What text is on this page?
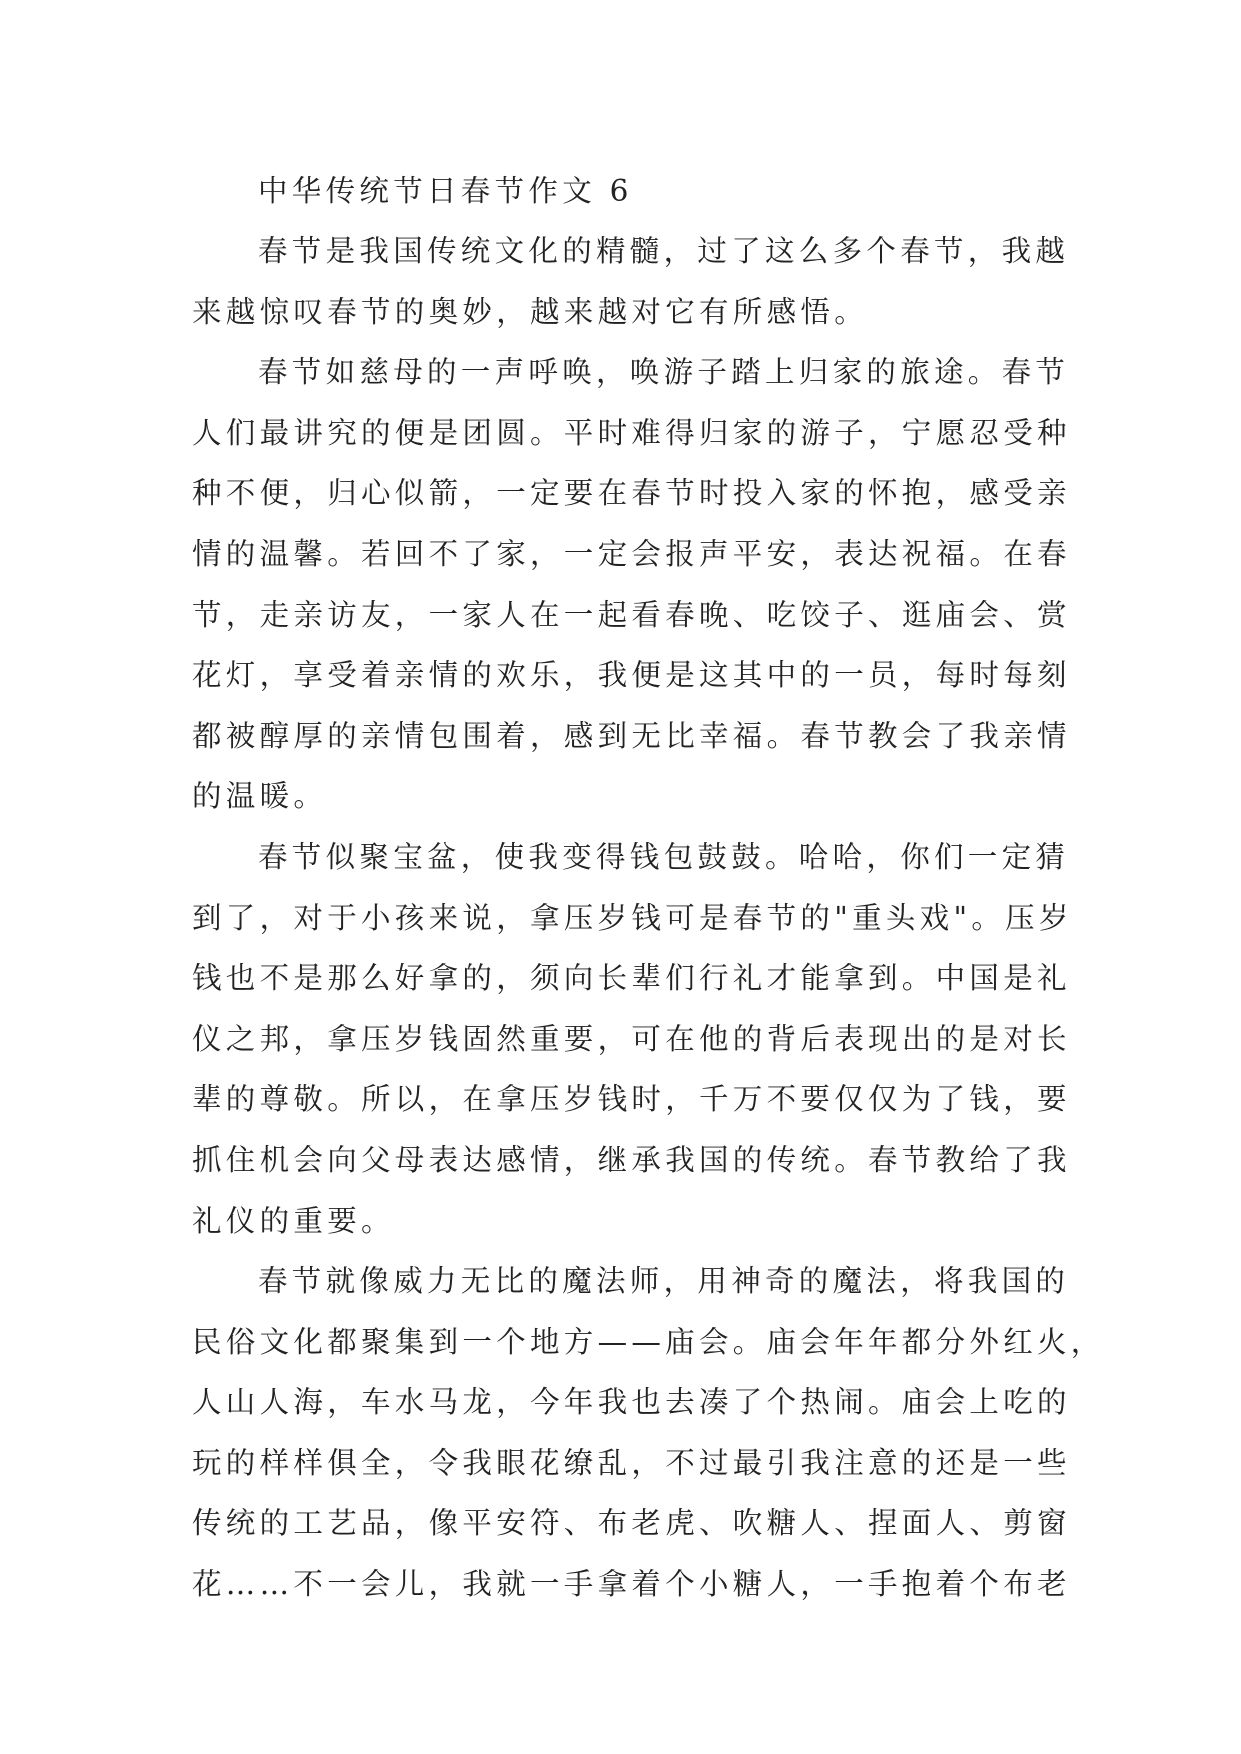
中华传统节日春节作文 6
春节是我国传统文化的精髓，过了这么多个春节，我越
来越惊叹春节的奥妙，越来越对它有所感悟。
春节如慈母的一声呼唤，唤游子踏上归家的旅途。春节
人们最讲究的便是团圆。平时难得归家的游子，宁愿忍受种
种不便，归心似箭，一定要在春节时投入家的怀抱，感受亲
情的温馨。若回不了家，一定会报声平安，表达祝福。在春
节，走亲访友，一家人在一起看春晚、吃饺子、逛庙会、赏
花灯，享受着亲情的欢乐，我便是这其中的一员，每时每刻
都被醇厚的亲情包围着，感到无比幸福。春节教会了我亲情
的温暖。
春节似聚宝盆，使我变得钱包鼓鼓。哈哈，你们一定猜
到了，对于小孩来说，拿压岁钱可是春节的"重头戏"。压岁
钱也不是那么好拿的，须向长辈们行礼才能拿到。中国是礼
仪之邦，拿压岁钱固然重要，可在他的背后表现出的是对长
辈的尊敬。所以，在拿压岁钱时，千万不要仅仅为了钱，要
抓住机会向父母表达感情，继承我国的传统。春节教给了我
礼仪的重要。
春节就像威力无比的魔法师，用神奇的魔法，将我国的
民俗文化都聚集到一个地方——庙会。庙会年年都分外红火，
人山人海，车水马龙，今年我也去凑了个热闹。庙会上吃的
玩的样样俱全，令我眼花缭乱，不过最引我注意的还是一些
传统的工艺品，像平安符、布老虎、吹糖人、捏面人、剪窗
花……不一会儿，我就一手拿着个小糖人，一手抱着个布老
